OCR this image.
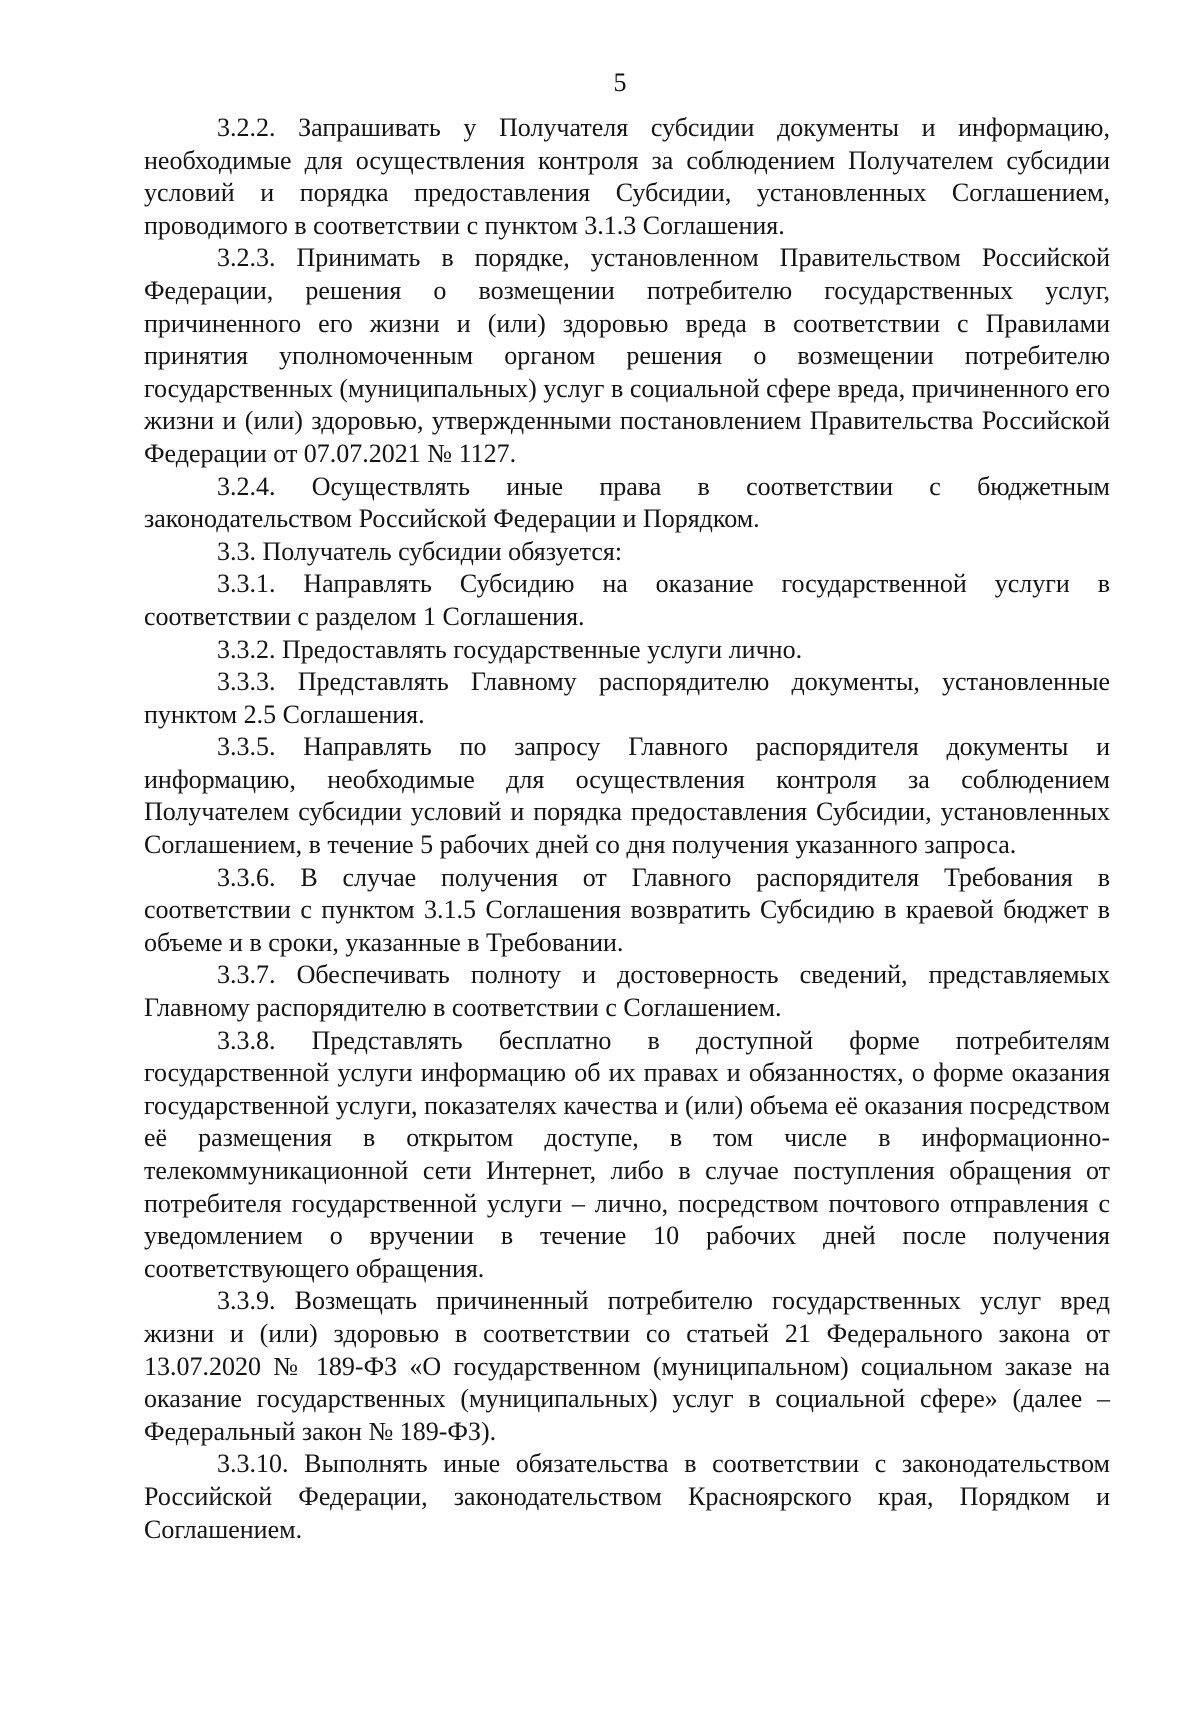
5

3.2.2. Запрашивать у Получателя субсидии документы и информацию, необходимые для осуществления контроля за соблюдением Получателем субсидии условий и порядка предоставления Субсидии, установленных Соглашением, проводимого в соответствии с пунктом 3.1.3 Соглашения.

3.2.3. Принимать в порядке, установленном Правительством Российской Федерации, решения о возмещении потребителю государственных услуг, причиненного его жизни и (или) здоровью вреда в соответствии с Правилами принятия уполномоченным органом решения о возмещении потребителю государственных (муниципальных) услуг в социальной сфере вреда, причиненного его жизни и (или) здоровью, утвержденными постановлением Правительства Российской Федерации от 07.07.2021 № 1127.

3.2.4. Осуществлять иные права в соответствии с бюджетным законодательством Российской Федерации и Порядком.

3.3. Получатель субсидии обязуется:

3.3.1. Направлять Субсидию на оказание государственной услуги в соответствии с разделом 1 Соглашения.

3.3.2. Предоставлять государственные услуги лично.

3.3.3. Представлять Главному распорядителю документы, установленные пунктом 2.5 Соглашения.

3.3.5. Направлять по запросу Главного распорядителя документы и информацию, необходимые для осуществления контроля за соблюдением Получателем субсидии условий и порядка предоставления Субсидии, установленных Соглашением, в течение 5 рабочих дней со дня получения указанного запроса.

3.3.6. В случае получения от Главного распорядителя Требования в соответствии с пунктом 3.1.5 Соглашения возвратить Субсидию в краевой бюджет в объеме и в сроки, указанные в Требовании.

3.3.7. Обеспечивать полноту и достоверность сведений, представляемых Главному распорядителю в соответствии с Соглашением.

3.3.8. Представлять бесплатно в доступной форме потребителям государственной услуги информацию об их правах и обязанностях, о форме оказания государственной услуги, показателях качества и (или) объема её оказания посредством её размещения в открытом доступе, в том числе в информационно-телекоммуникационной сети Интернет, либо в случае поступления обращения от потребителя государственной услуги – лично, посредством почтового отправления с уведомлением о вручении в течение 10 рабочих дней после получения соответствующего обращения.

3.3.9. Возмещать причиненный потребителю государственных услуг вред жизни и (или) здоровью в соответствии со статьей 21 Федерального закона от 13.07.2020 № 189-ФЗ «О государственном (муниципальном) социальном заказе на оказание государственных (муниципальных) услуг в социальной сфере» (далее – Федеральный закон № 189-ФЗ).

3.3.10. Выполнять иные обязательства в соответствии с законодательством Российской Федерации, законодательством Красноярского края, Порядком и Соглашением.
